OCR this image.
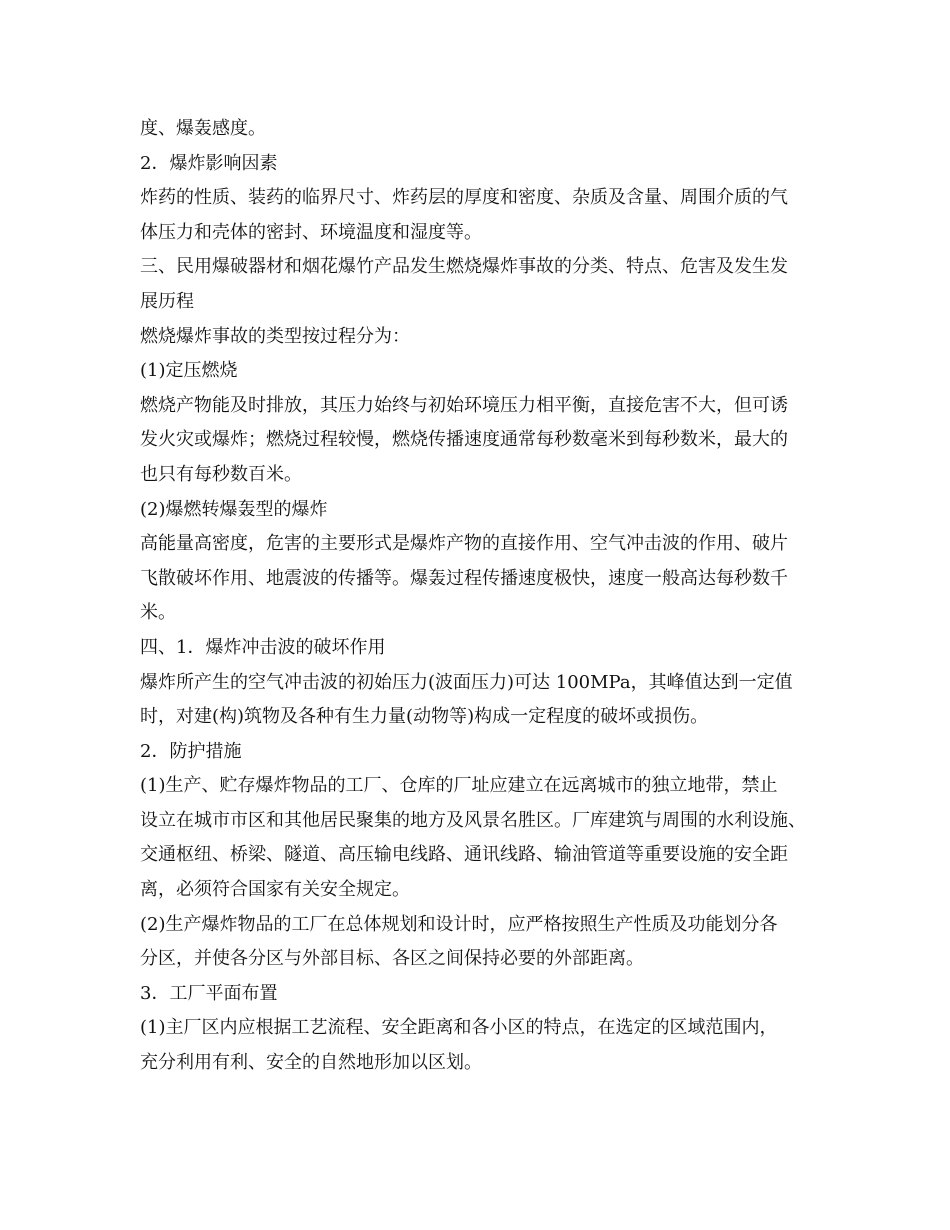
度、爆轰感度。
2．爆炸影响因素
炸药的性质、装药的临界尺寸、炸药层的厚度和密度、杂质及含量、周围介质的气
体压力和壳体的密封、环境温度和湿度等。
三、民用爆破器材和烟花爆竹产品发生燃烧爆炸事故的分类、特点、危害及发生发
展历程
燃烧爆炸事故的类型按过程分为：
(1)定压燃烧
燃烧产物能及时排放，其压力始终与初始环境压力相平衡，直接危害不大，但可诱
发火灾或爆炸；燃烧过程较慢，燃烧传播速度通常每秒数毫米到每秒数米，最大的
也只有每秒数百米。
(2)爆燃转爆轰型的爆炸
高能量高密度，危害的主要形式是爆炸产物的直接作用、空气冲击波的作用、破片
飞散破坏作用、地震波的传播等。爆轰过程传播速度极快，速度一般高达每秒数千
米。
四、1．爆炸冲击波的破坏作用
爆炸所产生的空气冲击波的初始压力(波面压力)可达 100MPa，其峰值达到一定值
时，对建(构)筑物及各种有生力量(动物等)构成一定程度的破坏或损伤。
2．防护措施
(1)生产、贮存爆炸物品的工厂、仓库的厂址应建立在远离城市的独立地带，禁止
设立在城市市区和其他居民聚集的地方及风景名胜区。厂库建筑与周围的水利设施、
交通枢纽、桥梁、隧道、高压输电线路、通讯线路、输油管道等重要设施的安全距
离，必须符合国家有关安全规定。
(2)生产爆炸物品的工厂在总体规划和设计时，应严格按照生产性质及功能划分各
分区，并使各分区与外部目标、各区之间保持必要的外部距离。
3．工厂平面布置
(1)主厂区内应根据工艺流程、安全距离和各小区的特点，在选定的区域范围内，
充分利用有利、安全的自然地形加以区划。
